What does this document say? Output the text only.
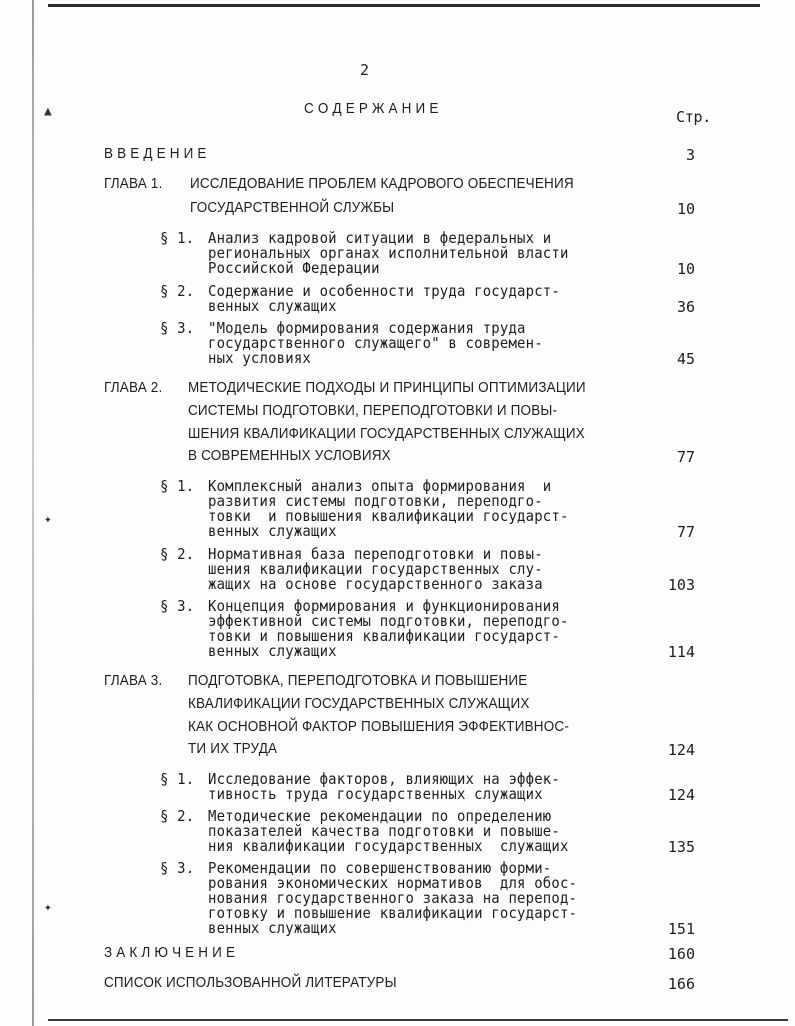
▲
✦
✦
2
С О Д Е Р Ж А Н И Е	Стр.
В В Е Д Е Н И Е	3
ГЛАВА 1. ИССЛЕДОВАНИЕ ПРОБЛЕМ КАДРОВОГО ОБЕСПЕЧЕНИЯ
ГОСУДАРСТВЕННОЙ СЛУЖБЫ	10
§ 1. Анализ кадровой ситуации в федеральных и
региональных органах исполнительной власти
Российской Федерации	10
§ 2. Содержание и особенности труда государст-
венных служащих	36
§ 3. "Модель формирования содержания труда
государственного служащего" в современ-
ных условиях	45
ГЛАВА 2. МЕТОДИЧЕСКИЕ ПОДХОДЫ И ПРИНЦИПЫ ОПТИМИЗАЦИИ
СИСТЕМЫ ПОДГОТОВКИ, ПЕРЕПОДГОТОВКИ И ПОВЫ-
ШЕНИЯ КВАЛИФИКАЦИИ ГОСУДАРСТВЕННЫХ СЛУЖАЩИХ
В СОВРЕМЕННЫХ УСЛОВИЯХ	77
§ 1. Комплексный анализ опыта формирования  и
развития системы подготовки, переподго-
товки  и повышения квалификации государст-
венных служащих	77
§ 2. Нормативная база переподготовки и повы-
шения квалификации государственных слу-
жащих на основе государственного заказа	103
§ 3. Концепция формирования и функционирования
эффективной системы подготовки, переподго-
товки и повышения квалификации государст-
венных служащих	114
ГЛАВА 3. ПОДГОТОВКА, ПЕРЕПОДГОТОВКА И ПОВЫШЕНИЕ
КВАЛИФИКАЦИИ ГОСУДАРСТВЕННЫХ СЛУЖАЩИХ
КАК ОСНОВНОЙ ФАКТОР ПОВЫШЕНИЯ ЭФФЕКТИВНОС-
ТИ ИХ ТРУДА	124
§ 1. Исследование факторов, влияющих на эффек-
тивность труда государственных служащих	124
§ 2. Методические рекомендации по определению
показателей качества подготовки и повыше-
ния квалификации государственных  служащих	135
§ 3. Рекомендации по совершенствованию форми-
рования экономических нормативов  для обос-
нования государственного заказа на перепод-
готовку и повышение квалификации государст-
венных служащих	151
З А К Л Ю Ч Е Н И Е	160
СПИСОК ИСПОЛЬЗОВАННОЙ ЛИТЕРАТУРЫ	166
